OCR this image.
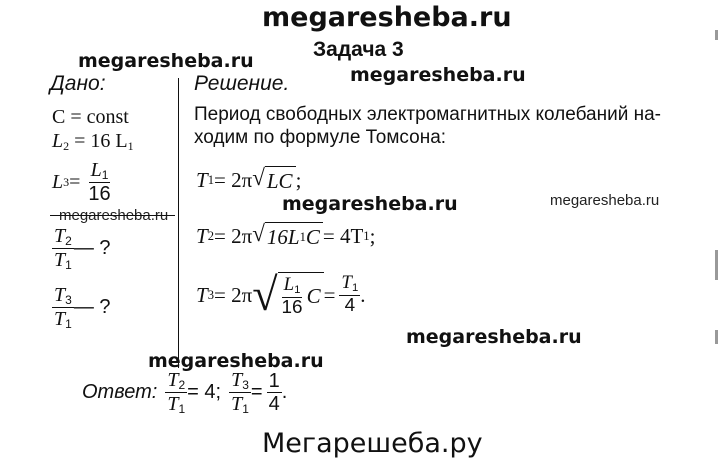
megaresheba.ru
megaresheba.ru
megaresheba.ru
megaresheba.ru
megaresheba.ru	megaresheba.ru
megaresheba.ru
megaresheba.ru
Мегарешеба.ру
Задача 3
Дано:
C = const
$L_2 = 16$ $L_1$
L $3 = \frac{L_1}{16}$
$\frac{T_2}{T_1}$ — ?
$\frac{T_3}{T_1}$ — ?
Решение.
Период свободных электромагнитных колебаний на-
ходим по формуле Томсона:
T 1 = 2π √ LC ;
T 2 = 2π √ 16L 1 C = 4T 1 ;
T 3 = 2π √ $\frac{L_1}{16}$ $C = \frac{T_1}{4}$ .
Ответ: $\frac{T_2}{T_1} = 4$; $\frac{T_3}{T_1} = \frac{1}{4}$ .
